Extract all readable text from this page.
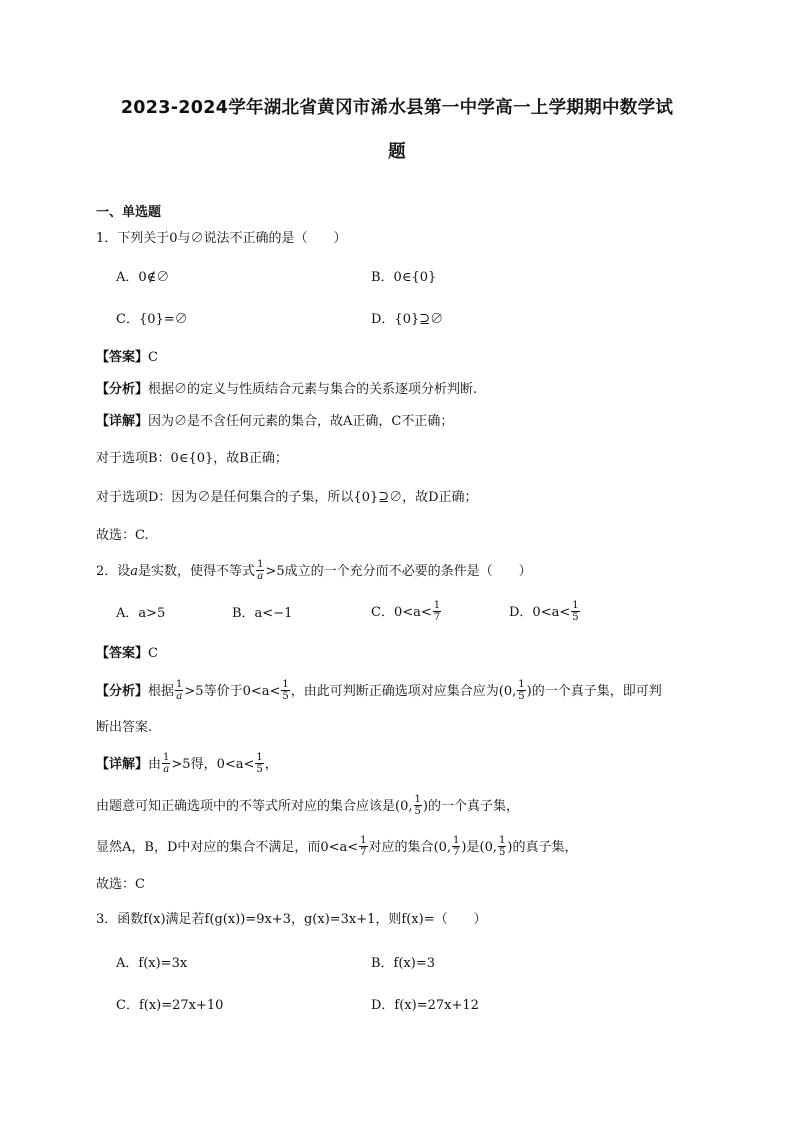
2023-2024学年湖北省黄冈市浠水县第一中学高一上学期期中数学试
题
一、单选题
1．下列关于0与∅说法不正确的是（　　）
A．0∉∅	B．0∈{0}
C．{0}=∅	D．{0}⊇∅
【答案】C
【分析】根据∅的定义与性质结合元素与集合的关系逐项分析判断.
【详解】因为∅是不含任何元素的集合，故A正确，C不正确；
对于选项B：0∈{0}，故B正确；
对于选项D：因为∅是任何集合的子集，所以{0}⊇∅，故D正确；
故选：C.
2．设a是实数，使得不等式 $\frac{1}{a} >5$成立的一个充分而不必要的条件是（　　）
A．a>5	B．a<−1	C．$0<a< \frac{1}{7}$	D．$0<a< \frac{1}{5}$
【答案】C
【分析】根据 $\frac{1}{a} >5$等价于$0<a< \frac{1}{5}$ ，由此可判断正确选项对应集合应为(0, $\frac{1}{5}$ )的一个真子集，即可判
断出答案.
【详解】由 $\frac{1}{a} >5$得，$0<a< \frac{1}{5}$ ，
由题意可知正确选项中的不等式所对应的集合应该是(0, $\frac{1}{5}$ )的一个真子集，
显然A，B，D中对应的集合不满足，而$0<a< \frac{1}{7}$ 对应的集合(0, $\frac{1}{7}$ )是(0, $\frac{1}{5}$ )的真子集，
故选：C
3．函数f(x)满足若f(g(x))=9x+3，g(x)=3x+1，则f(x)=（　　）
A．f(x)=3x	B．f(x)=3
C．f(x)=27x+10	D．f(x)=27x+12
